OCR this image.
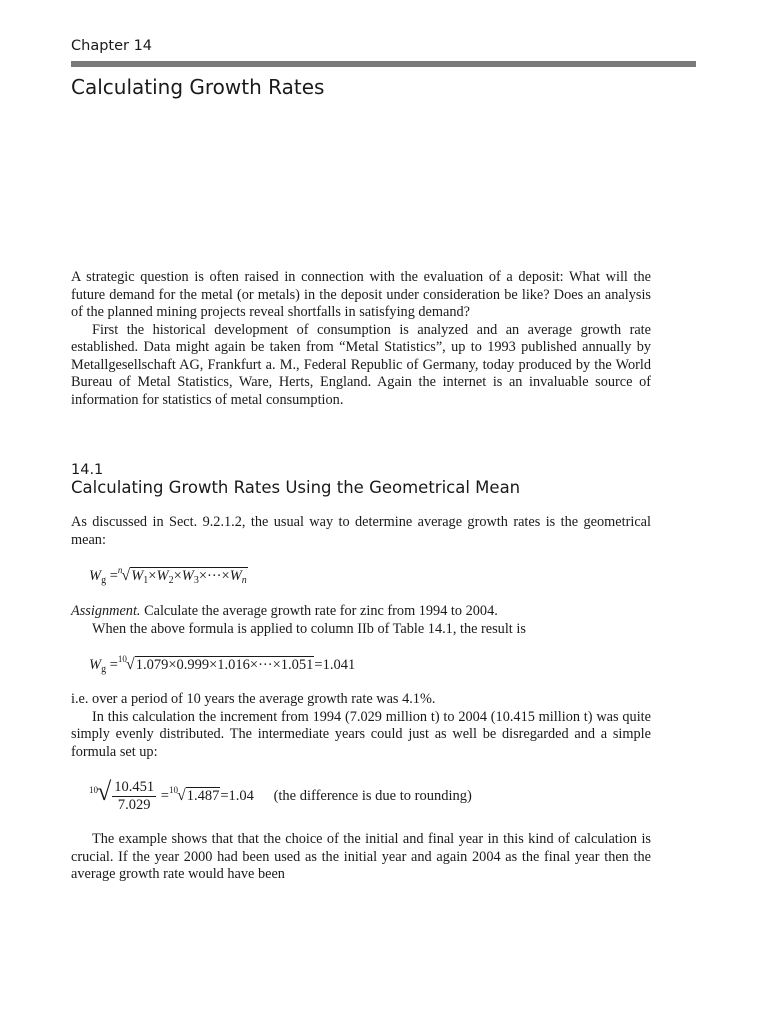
Chapter 14
Calculating Growth Rates

A strategic question is often raised in connection with the evaluation of a deposit: What will the future demand for the metal (or metals) in the deposit under consideration be like? Does an analysis of the planned mining projects reveal shortfalls in satisfying demand?

First the historical development of consumption is analyzed and an average growth rate established. Data might again be taken from “Metal Statistics”, up to 1993 published annually by Metallgesellschaft AG, Frankfurt a. M., Federal Republic of Germany, today produced by the World Bureau of Metal Statistics, Ware, Herts, England. Again the internet is an invaluable source of information for statistics of metal consumption.

14.1
Calculating Growth Rates Using the Geometrical Mean

As discussed in Sect. 9.2.1.2, the usual way to determine average growth rates is the geometrical mean:

$W_g =^n√W_1\times W_2\times W_3\times\cdot\cdot\cdot\times W_n$

Assignment. Calculate the average growth rate for zinc from 1994 to 2004.

When the above formula is applied to column IIb of Table 14.1, the result is

$W_g =^{10}√1.079\times 0.999\times 1.016\times\cdot\cdot\cdot\times 1.051=1.041$

i.e. over a period of 10 years the average growth rate was 4.1%.

In this calculation the increment from 1994 (7.029 million t) to 2004 (10.415 million t) was quite simply evenly distributed. The intermediate years could just as well be disregarded and a simple formula set up:

$^{10}√ \frac{10.451}{7.029} =^{10}√1.487=1.04$ (the difference is due to rounding)

The example shows that that the choice of the initial and final year in this kind of calculation is crucial. If the year 2000 had been used as the initial year and again 2004 as the final year then the average growth rate would have been
